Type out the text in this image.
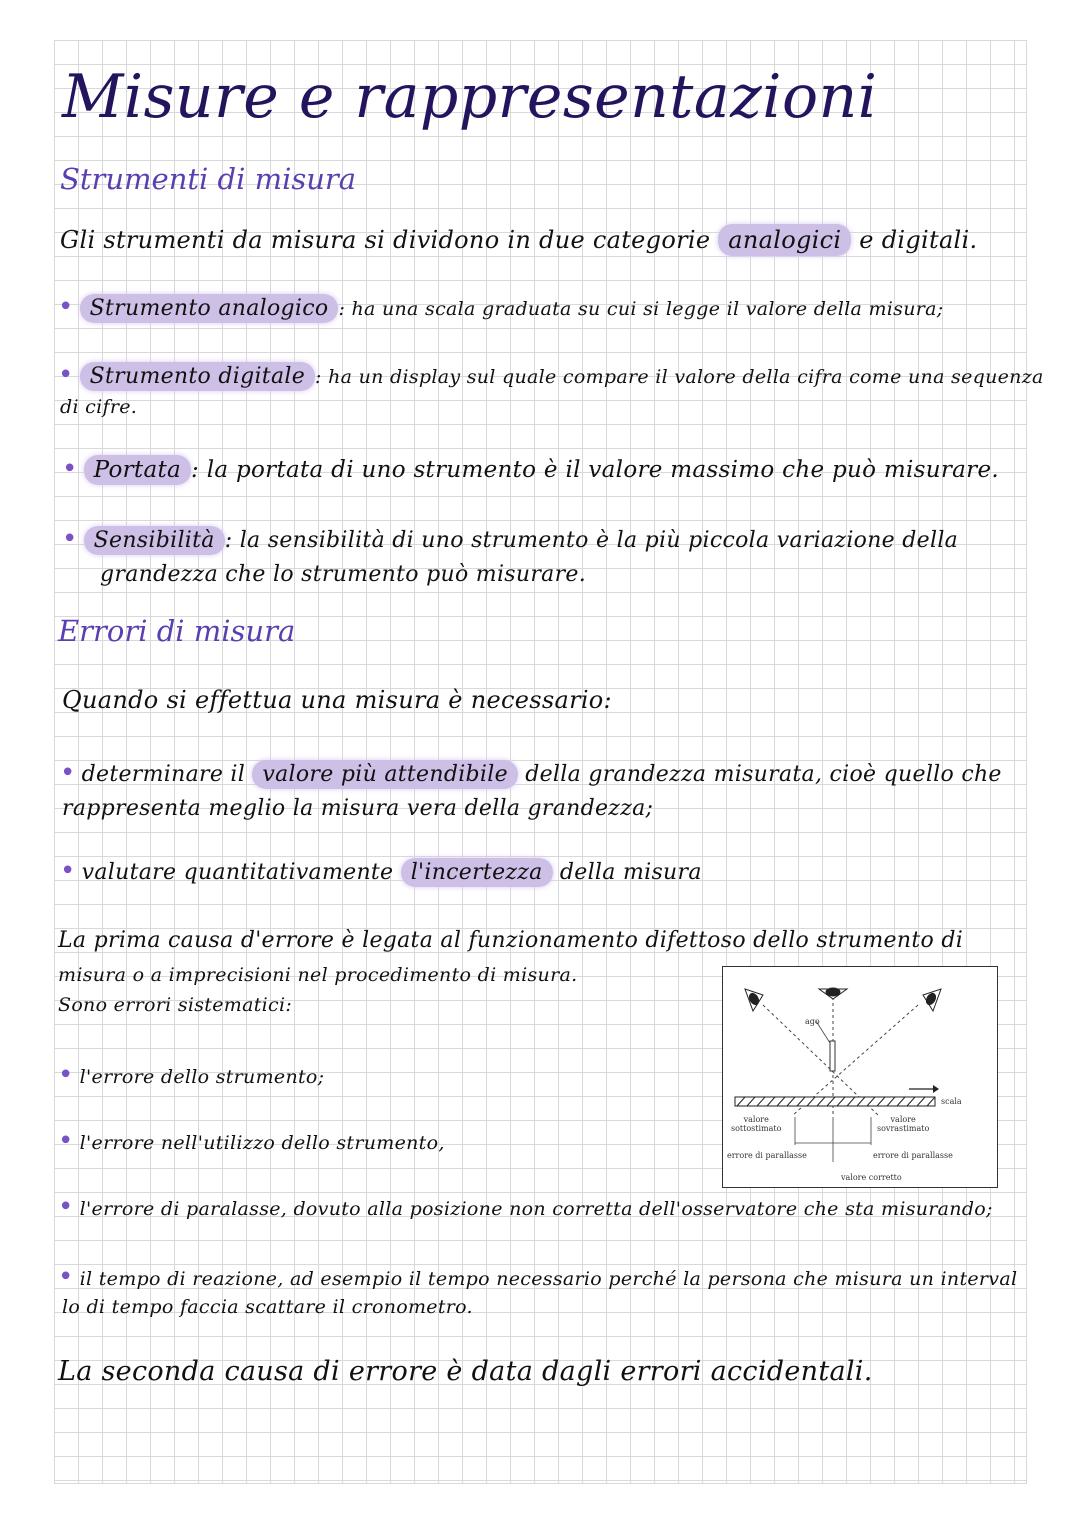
Misure e rappresentazioni
Strumenti di misura
Gli strumenti da misura si dividono in due categorie analogici e digitali.
• Strumento analogico : ha una scala graduata su cui si legge il valore della misura;
• Strumento digitale : ha un display sul quale compare il valore della cifra come una sequenza
di cifre.
• Portata : la portata di uno strumento è il valore massimo che può misurare.
• Sensibilità : la sensibilità di uno strumento è la più piccola variazione della
grandezza che lo strumento può misurare.
Errori di misura
Quando si effettua una misura è necessario:
• determinare il valore più attendibile della grandezza misurata, cioè quello che
rappresenta meglio la misura vera della grandezza;
• valutare quantitativamente l'incertezza della misura
La prima causa d'errore è legata al funzionamento difettoso dello strumento di
misura o a imprecisioni nel procedimento di misura.
Sono errori sistematici:
• l'errore dello strumento;
• l'errore nell'utilizzo dello strumento,
• l'errore di paralasse, dovuto alla posizione non corretta dell'osservatore che sta misurando;
• il tempo di reazione, ad esempio il tempo necessario perché la persona che misura un interval
lo di tempo faccia scattare il cronometro.
La seconda causa di errore è data dagli errori accidentali.
ago
scala
valore
sottostimato
valore
sovrastimato
errore di parallasse	errore di parallasse
valore corretto
